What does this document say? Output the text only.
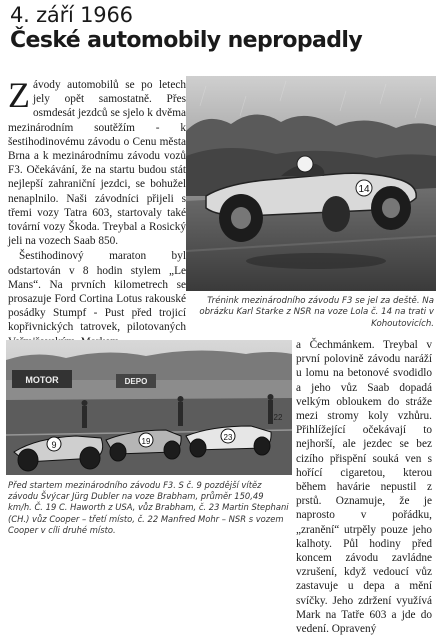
4. září 1966
České automobily nepropadly

Závody automobilů se po letech jely opět samostatně. Přes osmdesát jezdců se sjelo k dvěma mezinárodním soutěžím - k šestihodinovému závodu o Cenu města Brna a k mezinárodnímu závodu vozů F3. Očekávání, že na startu budou stát nejlepší zahraniční jezdci, se bohužel nenaplnilo. Naši závodníci přijeli s třemi vozy Tatra 603, startovaly také tovární vozy Škoda. Treybal a Rosický jeli na vozech Saab 850.

Šestihodinový maraton byl odstartován v 8 hodin stylem „Le Mans“. Na prvních kilometrech se prosazuje Ford Cortina Lotus rakouské posádky Stumpf - Pust před trojicí kopřivnických tatrovek, pilotovaných

14
Trénink mezinárodního závodu F3 se jel za deště. Na obrázku Karl Starke z NSR na voze Lola č. 14 na trati v Kohoutovicích.
MOTOR	DEPO
9	19	23
22
Před startem mezinárodního závodu F3. S č. 9 pozdější vítěz závodu Švýcar Jürg Dubler na voze Brabham, průměr 150,49 km/h. Č. 19 C. Haworth z USA, vůz Brabham, č. 23 Martin Stephani (CH.) vůz Cooper – třetí místo, č. 22 Manfred Mohr – NSR s vozem Cooper v cíli druhé místo.

a Čechmánkem. Treybal v první polovině závodu naráží u lomu na betonové svodidlo a jeho vůz Saab dopadá velkým obloukem do stráže mezi stromy koly vzhůru. Přihlížející očekávají to nejhorší, ale jezdec se bez cizího přispění souká ven s hořící cigaretou, kterou během havárie nepustil z prstů. Oznamuje, že je naprosto v pořádku, „zranění“ utrpěly pouze jeho kalhoty. Půl hodiny před koncem závodu zavládne vzrušení, když vedoucí vůz zastavuje u depa a mění svíčky. Jeho zdržení využívá Mark na Tatře 603 a jde do vedení. Opravený
